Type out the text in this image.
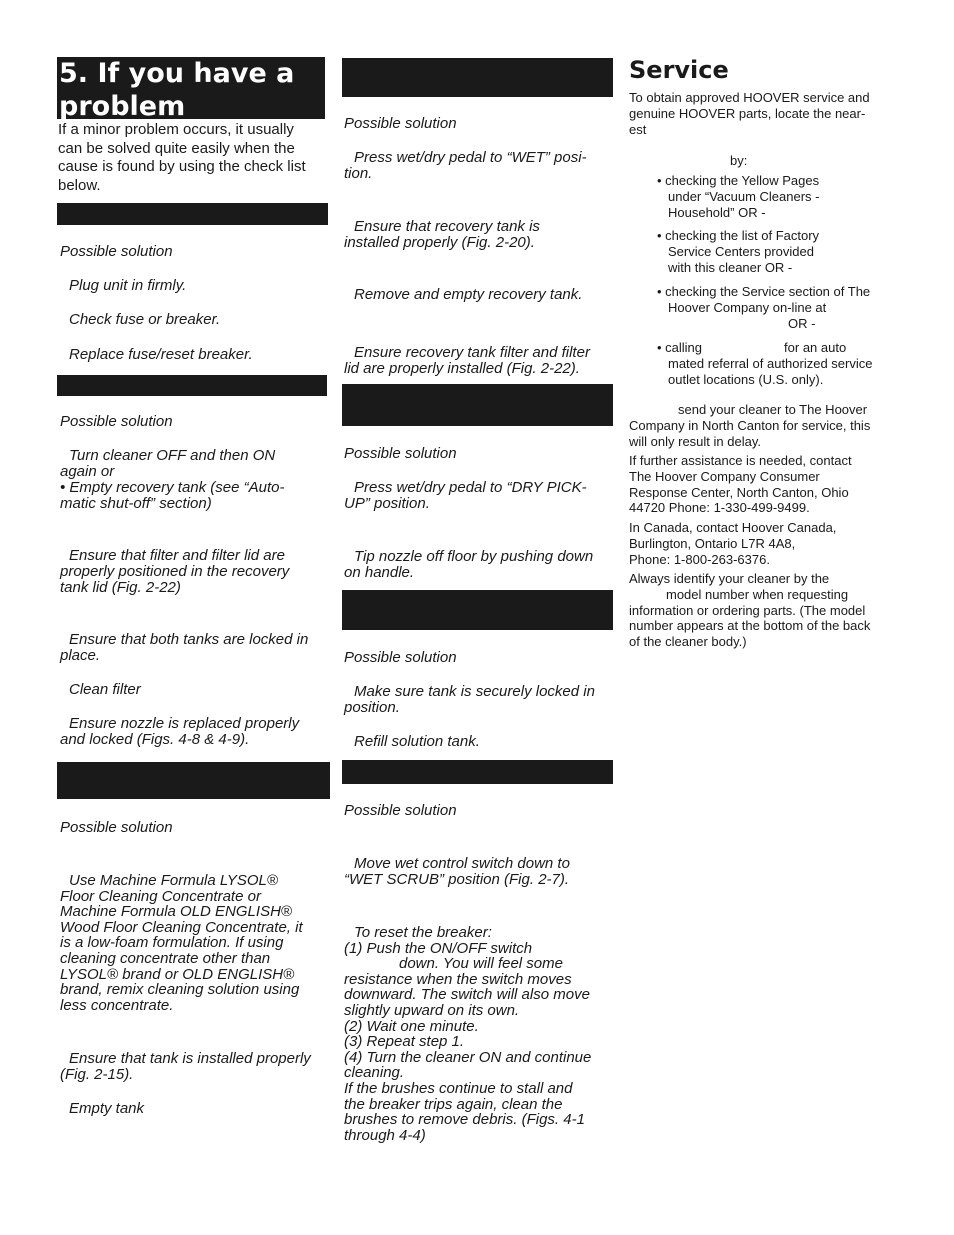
5. If you have a
problem
If a minor problem occurs, it usually
can be solved quite easily when the
cause is found by using the check list
below.
Possible solution
Plug unit in firmly.
Check fuse or breaker.
Replace fuse/reset breaker.
Possible solution
Turn cleaner OFF and then ON
again or
• Empty recovery tank (see “Auto-
matic shut-off” section)
Ensure that filter and filter lid are
properly positioned in the recovery
tank lid (Fig. 2-22)
Ensure that both tanks are locked in
place.
Clean filter
Ensure nozzle is replaced properly
and locked (Figs. 4-8 & 4-9).
Possible solution
Use Machine Formula LYSOL®
Floor Cleaning Concentrate or
Machine Formula OLD ENGLISH®
Wood Floor Cleaning Concentrate, it
is a low-foam formulation. If using
cleaning concentrate other than
LYSOL® brand or OLD ENGLISH®
brand, remix cleaning solution using
less concentrate.
Ensure that tank is installed properly
(Fig. 2-15).
Empty tank
Possible solution
Press wet/dry pedal to “WET” posi-
tion.
Ensure that recovery tank is
installed properly (Fig. 2-20).
Remove and empty recovery tank.
Ensure recovery tank filter and filter
lid are properly installed (Fig. 2-22).
Possible solution
Press wet/dry pedal to “DRY PICK-
UP” position.
Tip nozzle off floor by pushing down
on handle.
Possible solution
Make sure tank is securely locked in
position.
Refill solution tank.
Possible solution
Move wet control switch down to
“WET SCRUB” position (Fig. 2-7).
To reset the breaker:
(1) Push the ON/OFF switch
down. You will feel some
resistance when the switch moves
downward. The switch will also move
slightly upward on its own.
(2) Wait one minute.
(3) Repeat step 1.
(4) Turn the cleaner ON and continue
cleaning.
If the brushes continue to stall and
the breaker trips again, clean the
brushes to remove debris. (Figs. 4-1
through 4-4)
Service
To obtain approved HOOVER service and
genuine HOOVER parts, locate the near-
est
by:
• checking the Yellow Pages
under “Vacuum Cleaners -
Household” OR -
• checking the list of Factory
Service Centers provided
with this cleaner OR -
• checking the Service section of The
Hoover Company on-line at
OR -
• calling	for an auto
mated referral of authorized service
outlet locations (U.S. only).
send your cleaner to The Hoover
Company in North Canton for service, this
will only result in delay.
If further assistance is needed, contact
The Hoover Company Consumer
Response Center, North Canton, Ohio
44720 Phone: 1-330-499-9499.
In Canada, contact Hoover Canada,
Burlington, Ontario L7R 4A8,
Phone: 1-800-263-6376.
Always identify your cleaner by the
model number when requesting
information or ordering parts. (The model
number appears at the bottom of the back
of the cleaner body.)
